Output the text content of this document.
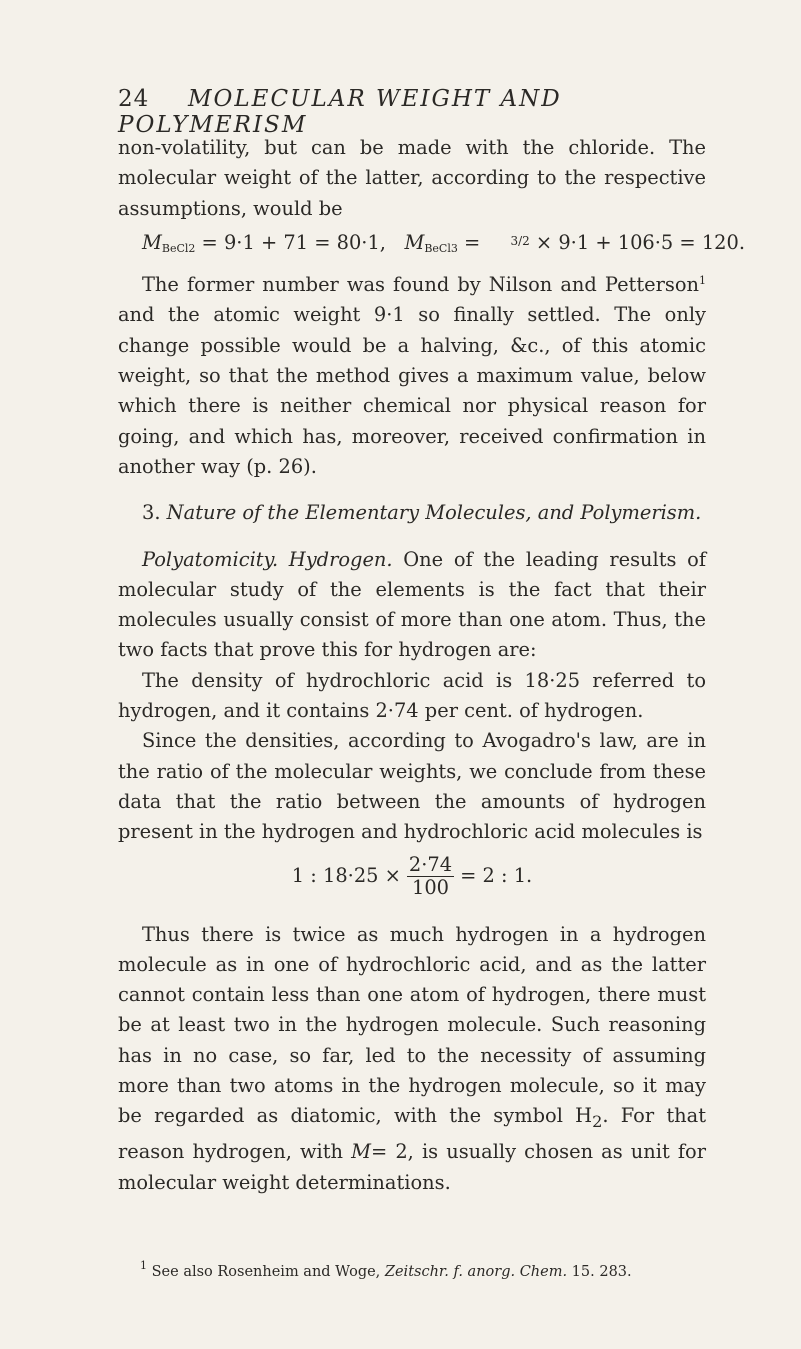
24 MOLECULAR WEIGHT AND POLYMERISM

non-volatility, but can be made with the chloride. The molecular weight of the latter, according to the respective assumptions, would be

$M_{BeCl2} = 9\cdot 1 + 71 = 80\cdot 1$, $M_{BeCl3} = 3/2 \times 9\cdot 1 + 106\cdot 5 = 120$.

The former number was found by Nilson and Petterson$^1$ and the atomic weight 9·1 so finally settled. The only change possible would be a halving, &c., of this atomic weight, so that the method gives a maximum value, below which there is neither chemical nor physical reason for going, and which has, moreover, received confirmation in another way (p. 26).

3. Nature of the Elementary Molecules, and Polymerism.

Polyatomicity. Hydrogen. One of the leading results of molecular study of the elements is the fact that their molecules usually consist of more than one atom. Thus, the two facts that prove this for hydrogen are:

The density of hydrochloric acid is 18·25 referred to hydrogen, and it contains 2·74 per cent. of hydrogen.

Since the densities, according to Avogadro's law, are in the ratio of the molecular weights, we conclude from these data that the ratio between the amounts of hydrogen present in the hydrogen and hydrochloric acid molecules is

1 : $18\cdot 25 \times \frac{2\cdot 74}{100} = 2$ : 1.

Thus there is twice as much hydrogen in a hydrogen molecule as in one of hydrochloric acid, and as the latter cannot contain less than one atom of hydrogen, there must be at least two in the hydrogen molecule. Such reasoning has in no case, so far, led to the necessity of assuming more than two atoms in the hydrogen molecule, so it may be regarded as diatomic, with the symbol $H_2$. For that reason hydrogen, with M= 2, is usually chosen as unit for molecular weight determinations.

$^1$ See also Rosenheim and Woge, Zeitschr. f. anorg. Chem. 15. 283.
